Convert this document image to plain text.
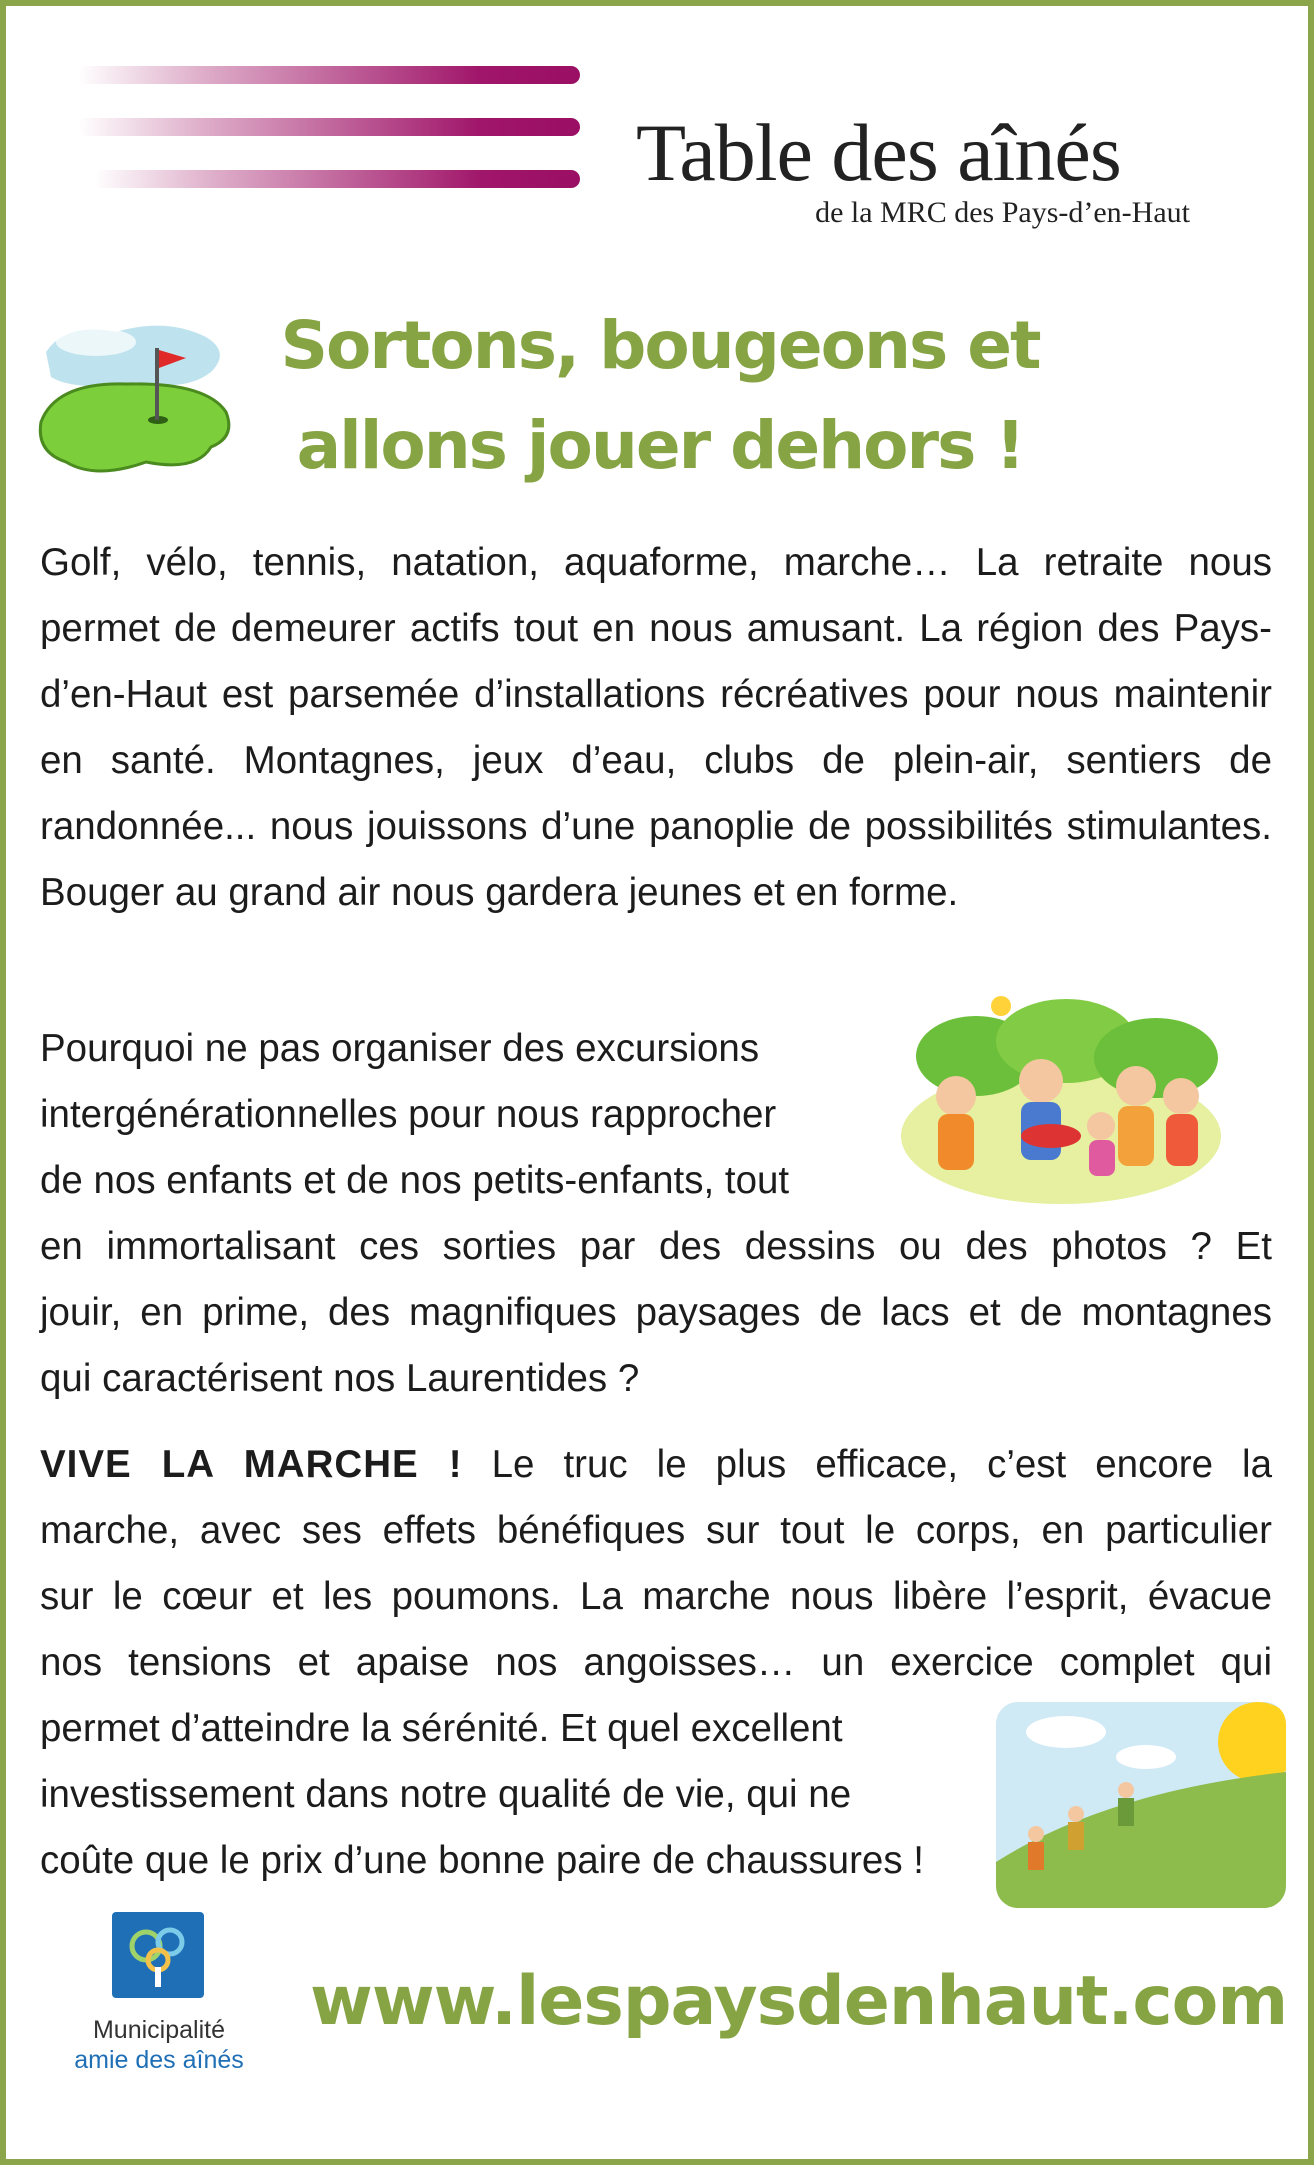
Table des aînés
de la MRC des Pays-d’en-Haut
Sortons, bougeons et
allons jouer dehors !
Golf, vélo, tennis, natation, aquaforme, marche… La retraite nous permet de demeurer actifs tout en nous amusant. La région des Pays-d’en-Haut est parsemée d’installations récréatives pour nous maintenir en santé. Montagnes, jeux d’eau, clubs de plein-air, sentiers de randonnée... nous jouissons d’une panoplie de possibilités stimulantes. Bouger au grand air nous gardera jeunes et en forme.
Pourquoi ne pas organiser des excursions
intergénérationnelles pour nous rapprocher
de nos enfants et de nos petits-enfants, tout
en immortalisant ces sorties par des dessins ou des photos ? Et
jouir, en prime, des magnifiques paysages de lacs et de montagnes
qui caractérisent nos Laurentides ?
VIVE LA MARCHE ! Le truc le plus efficace, c’est encore la
marche, avec ses effets bénéfiques sur tout le corps, en particulier
sur le cœur et les poumons. La marche nous libère l’esprit, évacue
nos tensions et apaise nos angoisses… un exercice complet qui
permet d’atteindre la sérénité. Et quel excellent
investissement dans notre qualité de vie, qui ne
coûte que le prix d’une bonne paire de chaussures !
Municipalité
amie des aînés
www.lespaysdenhaut.com
